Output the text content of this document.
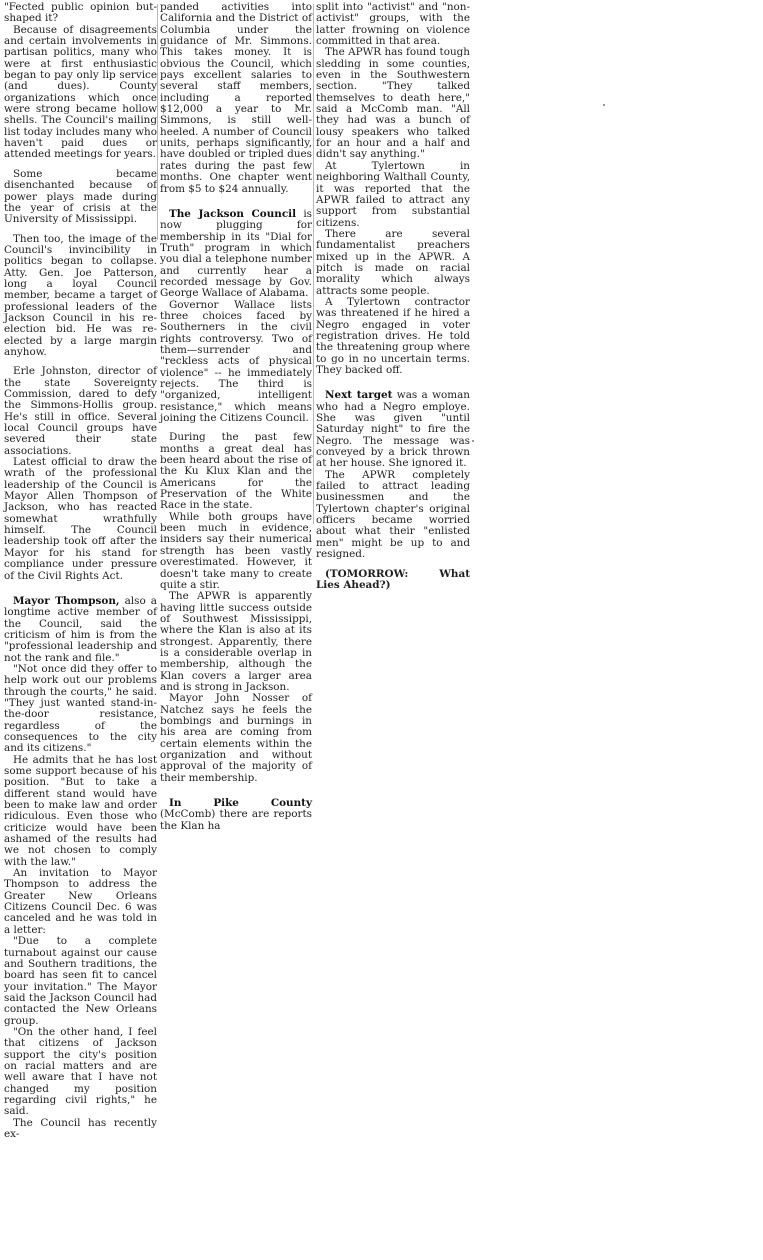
"Fected public opinion but-shaped it?

Because of disagreements and certain involvements in partisan politics, many who were at first enthusiastic began to pay only lip service (and dues). County organizations which once were strong became hollow shells. The Council's mailing list today includes many who haven't paid dues or attended meetings for years.

Some became disenchanted because of power plays made during the year of crisis at the University of Mississippi.

Then too, the image of the Council's invincibility in politics began to collapse. Atty. Gen. Joe Patterson, long a loyal Council member, became a target of professional leaders of the Jackson Council in his re-election bid. He was re-elected by a large margin anyhow.

Erle Johnston, director of the state Sovereignty Commission, dared to defy the Simmons-Hollis group. He's still in office. Several local Council groups have severed their state associations.

Latest official to draw the wrath of the professional leadership of the Council is Mayor Allen Thompson of Jackson, who has reacted somewhat wrathfully himself. The Council leadership took off after the Mayor for his stand for compliance under pressure of the Civil Rights Act.

Mayor Thompson, also a longtime active member of the Council, said the criticism of him is from the "professional leadership and not the rank and file."

"Not once did they offer to help work out our problems through the courts," he said. "They just wanted stand-in-the-door resistance, regardless of the consequences to the city and its citizens."

He admits that he has lost some support because of his position. "But to take a different stand would have been to make law and order ridiculous. Even those who criticize would have been ashamed of the results had we not chosen to comply with the law."

An invitation to Mayor Thompson to address the Greater New Orleans Citizens Council Dec. 6 was canceled and he was told in a letter:

"Due to a complete turnabout against our cause and Southern traditions, the board has seen fit to cancel your invitation." The Mayor said the Jackson Council had contacted the New Orleans group.

"On the other hand, I feel that citizens of Jackson support the city's position on racial matters and are well aware that I have not changed my position regarding civil rights," he said.

The Council has recently ex-

panded activities into California and the District of Columbia under the guidance of Mr. Simmons. This takes money. It is obvious the Council, which pays excellent salaries to several staff members, including a reported $12,000 a year to Mr. Simmons, is still well-heeled. A number of Council units, perhaps significantly, have doubled or tripled dues rates during the past few months. One chapter went from $5 to $24 annually.

The Jackson Council is now plugging for membership in its "Dial for Truth" program in which you dial a telephone number and currently hear a recorded message by Gov. George Wallace of Alabama.

Governor Wallace lists three choices faced by Southerners in the civil rights controversy. Two of them—surrender and "reckless acts of physical violence" -- he immediately rejects. The third is "organized, intelligent resistance," which means joining the Citizens Council.

During the past few months a great deal has been heard about the rise of the Ku Klux Klan and the Americans for the Preservation of the White Race in the state.

While both groups have been much in evidence, insiders say their numerical strength has been vastly overestimated. However, it doesn't take many to create quite a stir.

The APWR is apparently having little success outside of Southwest Mississippi, where the Klan is also at its strongest. Apparently, there is a considerable overlap in membership, although the Klan covers a larger area and is strong in Jackson.

Mayor John Nosser of Natchez says he feels the bombings and burnings in his area are coming from certain elements within the organization and without approval of the majority of their membership.

In Pike County (McComb) there are reports the Klan ha

split into "activist" and "non-activist" groups, with the latter frowning on violence committed in that area.

The APWR has found tough sledding in some counties, even in the Southwestern section. "They talked themselves to death here," said a McComb man. "All they had was a bunch of lousy speakers who talked for an hour and a half and didn't say anything."

At Tylertown in neighboring Walthall County, it was reported that the APWR failed to attract any support from substantial citizens.

There are several fundamentalist preachers mixed up in the APWR. A pitch is made on racial morality which always attracts some people.

A Tylertown contractor was threatened if he hired a Negro engaged in voter registration drives. He told the threatening group where to go in no uncertain terms. They backed off.

Next target was a woman who had a Negro employe. She was given "until Saturday night" to fire the Negro. The message was conveyed by a brick thrown at her house. She ignored it.

The APWR completely failed to attract leading businessmen and the Tylertown chapter's original officers became worried about what their "enlisted men" might be up to and resigned.

(TOMORROW: What Lies Ahead?)
